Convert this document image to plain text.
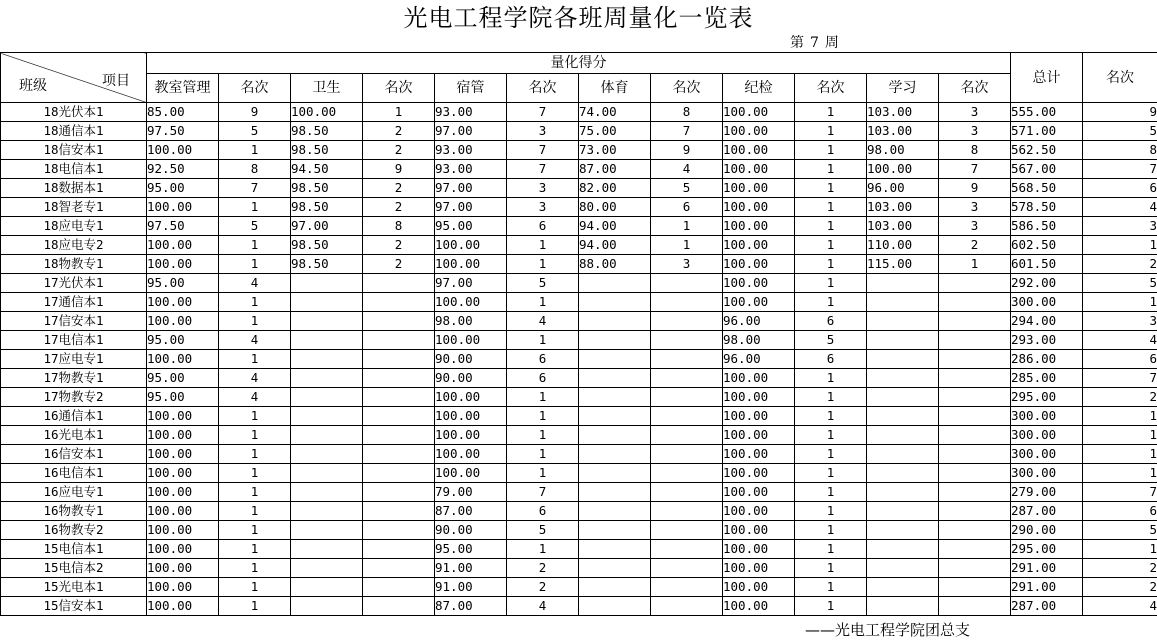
光电工程学院各班周量化一览表
第 7 周
班级 项目	量化得分												总计	名次
	教室管理	名次	卫生	名次	宿管	名次	体育	名次	纪检	名次	学习	名次		
18光伏本1	85.00	9	100.00	1	93.00	7	74.00	8	100.00	1	103.00	3	555.00	9
18通信本1	97.50	5	98.50	2	97.00	3	75.00	7	100.00	1	103.00	3	571.00	5
18信安本1	100.00	1	98.50	2	93.00	7	73.00	9	100.00	1	98.00	8	562.50	8
18电信本1	92.50	8	94.50	9	93.00	7	87.00	4	100.00	1	100.00	7	567.00	7
18数据本1	95.00	7	98.50	2	97.00	3	82.00	5	100.00	1	96.00	9	568.50	6
18智老专1	100.00	1	98.50	2	97.00	3	80.00	6	100.00	1	103.00	3	578.50	4
18应电专1	97.50	5	97.00	8	95.00	6	94.00	1	100.00	1	103.00	3	586.50	3
18应电专2	100.00	1	98.50	2	100.00	1	94.00	1	100.00	1	110.00	2	602.50	1
18物教专1	100.00	1	98.50	2	100.00	1	88.00	3	100.00	1	115.00	1	601.50	2
17光伏本1	95.00	4			97.00	5			100.00	1			292.00	5
17通信本1	100.00	1			100.00	1			100.00	1			300.00	1
17信安本1	100.00	1			98.00	4			96.00	6			294.00	3
17电信本1	95.00	4			100.00	1			98.00	5			293.00	4
17应电专1	100.00	1			90.00	6			96.00	6			286.00	6
17物教专1	95.00	4			90.00	6			100.00	1			285.00	7
17物教专2	95.00	4			100.00	1			100.00	1			295.00	2
16通信本1	100.00	1			100.00	1			100.00	1			300.00	1
16光电本1	100.00	1			100.00	1			100.00	1			300.00	1
16信安本1	100.00	1			100.00	1			100.00	1			300.00	1
16电信本1	100.00	1			100.00	1			100.00	1			300.00	1
16应电专1	100.00	1			79.00	7			100.00	1			279.00	7
16物教专1	100.00	1			87.00	6			100.00	1			287.00	6
16物教专2	100.00	1			90.00	5			100.00	1			290.00	5
15电信本1	100.00	1			95.00	1			100.00	1			295.00	1
15电信本2	100.00	1			91.00	2			100.00	1			291.00	2
15光电本1	100.00	1			91.00	2			100.00	1			291.00	2
15信安本1	100.00	1			87.00	4			100.00	1			287.00	4
——光电工程学院团总支
